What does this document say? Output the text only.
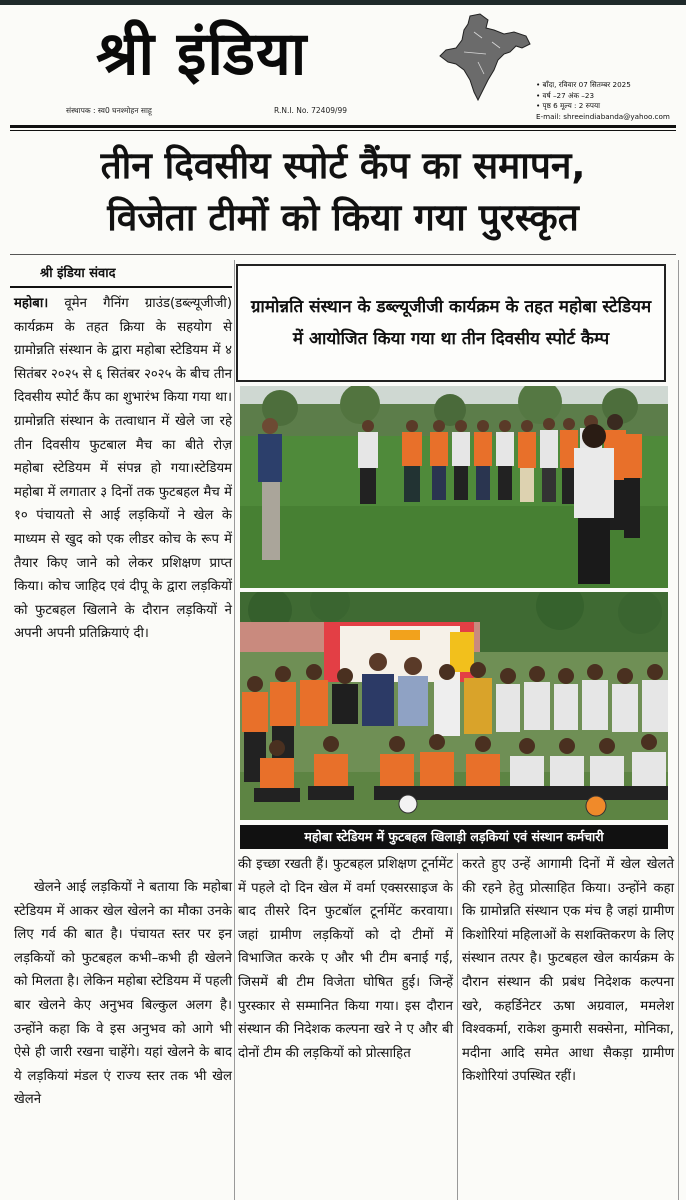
श्री इंडिया	• बाँदा, रविवार 07 सितम्बर 2025
• वर्ष –27 अंक –23
• पृष्ठ 6 मूल्य : 2 रुपया
E-mail: shreeindiabanda@yahoo.com
संस्थापक : स्व0 घनश्मोहन साहू	R.N.I. No. 72409/99
तीन दिवसीय स्पोर्ट कैंप का समापन,
विजेता टीमों को किया गया पुरस्कृत
श्री इंडिया संवाद
महोबा। वूमेन गैनिंग ग्राउंड(डब्ल्यूजीजी) कार्यक्रम के तहत क्रिया के सहयोग से ग्रामोन्नति संस्थान के द्वारा महोबा स्टेडियम में ४ सितंबर २०२५ से ६ सितंबर २०२५ के बीच तीन दिवसीय स्पोर्ट कैंप का शुभारंभ किया गया था। ग्रामोन्नति संस्थान के तत्वाधान में खेले जा रहे तीन दिवसीय फुटबाल मैच का बीते रोज़ महोबा स्टेडियम में संपन्न हो गया।स्टेडियम महोबा में लगातार ३ दिनों तक फुटबहल मैच में १० पंचायतो से आई लड़कियों ने खेल के माध्यम से खुद को एक लीडर कोच के रूप में तैयार किए जाने को लेकर प्रशिक्षण प्राप्त किया। कोच जाहिद एवं दीपू के द्वारा लड़कियों को फुटबहल खिलाने के दौरान लड़कियों ने अपनी अपनी प्रतिक्रियाएं दी।
खेलने आई लड़कियों ने बताया कि महोबा स्टेडियम में आकर खेल खेलने का मौका उनके लिए गर्व की बात है। पंचायत स्तर पर इन लड़कियों को फुटबहल कभी–कभी ही खेलने को मिलता है। लेकिन महोबा स्टेडियम में पहली बार खेलने केए अनुभव बिल्कुल अलग है। उन्होंने कहा कि वे इस अनुभव को आगे भी ऐसे ही जारी रखना चाहेंगे। यहां खेलने के बाद ये लड़कियां मंडल एं राज्य स्तर तक भी खेल खेलने
ग्रामोन्नति संस्थान के डब्ल्यूजीजी कार्यक्रम के तहत महोबा स्टेडियम में आयोजित किया गया था तीन दिवसीय स्पोर्ट कैम्प
महोबा स्टेडियम में फुटबहल खिलाड़ी लड़कियां एवं संस्थान कर्मचारी
की इच्छा रखती हैं। फुटबहल प्रशिक्षण टूर्नामेंट में पहले दो दिन खेल में वर्मा एक्सरसाइज के बाद तीसरे दिन फुटबॉल टूर्नामेंट करवाया। जहां ग्रामीण लड़कियों को दो टीमों में विभाजित करके ए और भी टीम बनाई गई, जिसमें बी टीम विजेता घोषित हुई। जिन्हें पुरस्कार से सम्मानित किया गया। इस दौरान संस्थान की निदेशक कल्पना खरे ने ए और बी दोनों टीम की लड़कियों को प्रोत्साहित
करते हुए उन्हें आगामी दिनों में खेल खेलते की रहने हेतु प्रोत्साहित किया। उन्होंने कहा कि ग्रामोन्नति संस्थान एक मंच है जहां ग्रामीण किशोरियां महिलाओं के सशक्तिकरण के लिए संस्थान तत्पर है। फुटबहल खेल कार्यक्रम के दौरान संस्थान की प्रबंध निदेशक कल्पना खरे, कहर्डिनेटर ऊषा अग्रवाल, ममलेश विश्वकर्मा, राकेश कुमारी सक्सेना, मोनिका, मदीना आदि समेत आधा सैकड़ा ग्रामीण किशोरियां उपस्थित रहीं।
